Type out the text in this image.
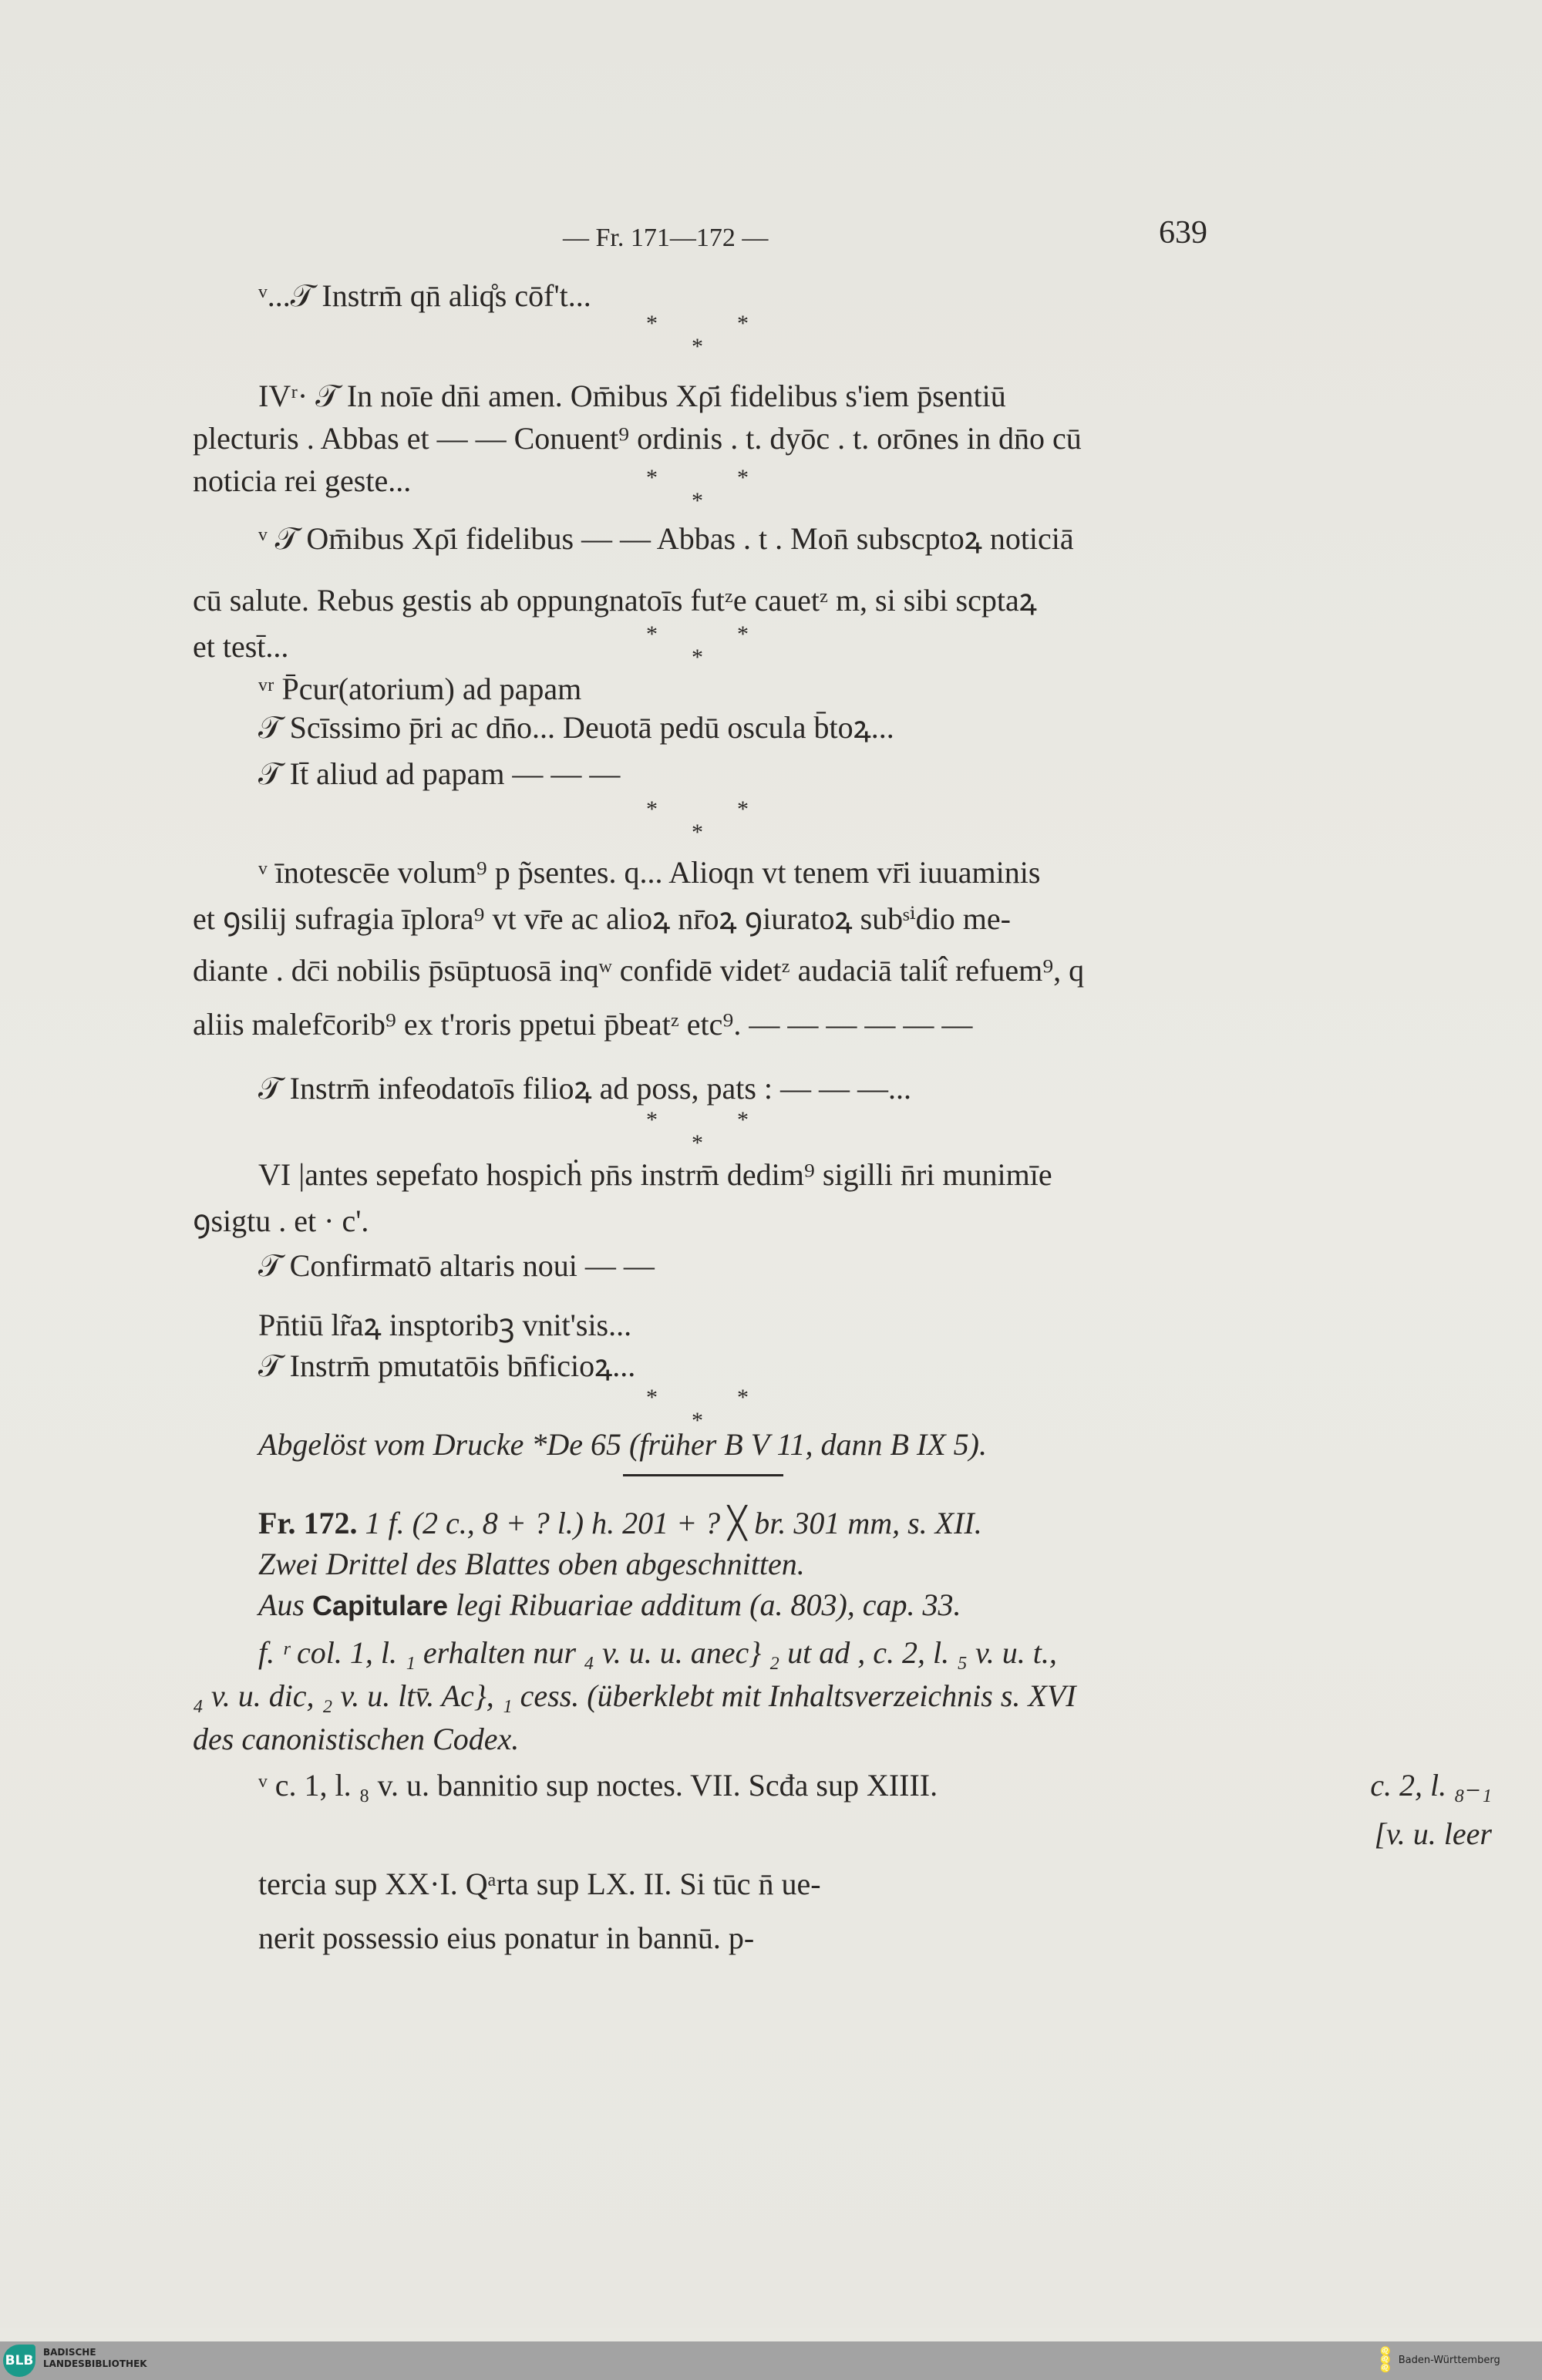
— Fr. 171—172 —	639
ᵛ...𝒯 Instrm̄ qn̄ aliq̊s cōf't...
*	*
*
IVʳ· 𝒯 In noīe dn̄i amen. Om̄ibus Xρ̄i fidelibus s'iem p̄sentiū
plecturis . Abbas et — — Conuent⁹ ordinis . t. dyōc . t. orōnes in dn̄o cū
noticia rei geste...	*	*
*
ᵛ 𝒯 Om̄ibus Xρ̄i fidelibus — — Abbas . t . Mon̄ subscptoꝝ noticiā
cū salute. Rebus gestis ab oppungnatoīs futᶻe cauetᶻ m, si sibi scptaꝝ
et test̄...	*	*
*
ᵛʳ P̄cur(atorium) ad papam
𝒯 Scīssimo p̄ri ac dn̄o... Deuotā pedū oscula b̄toꝝ...
𝒯 It̄ aliud ad papam — — —
*	*
*
ᵛ īnotescēe volum⁹ p p̃sentes. q... Alioqn vt tenem vr̄i iuuaminis
et ꝯsilij sufragia īplora⁹ vt vr̄e ac alioꝝ nr̄oꝝ ꝯiuratoꝝ subˢⁱdio me-
diante . dc̄i nobilis p̄sūptuosā inqʷ confidē videtᶻ audaciā talit̂ refuem⁹, q
aliis malefc̄orib⁹ ex t'roris ppetui p̄beatᶻ etc⁹. — — — — — —
𝒯 Instrm̄ infeodatoīs filioꝝ ad poss, pats : — — —...
*	*
*
VI |antes sepefato hospicḣ pn̄s instrm̄ dedim⁹ sigilli n̄ri munimīe
ꝯsigtu . et · c'.
𝒯 Confirmatō altaris noui — —
Pn̄tiū lr̃aꝝ insptoribꝫ vnit'sis...
𝒯 Instrm̄ pmutatōis bn̄ficioꝝ...
*	*
*
Abgelöst vom Drucke *De 65 (früher B V 11, dann B IX 5).
Fr. 172. 1 f. (2 c., 8 + ? l.) h. 201 + ? ╳ br. 301 mm, s. XII.
Zwei Drittel des Blattes oben abgeschnitten.
Aus Capitulare legi Ribuariae additum (a. 803), cap. 33.
f. ʳ col. 1, l. ₁ erhalten nur ₄ v. u. u. anec} ₂ ut ad , c. 2, l. ₅ v. u. t.,
₄ v. u. dic, ₂ v. u. ltv̄. Ac}, ₁ cess. (überklebt mit Inhaltsverzeichnis s. XVI
des canonistischen Codex.
ᵛ c. 1, l. ₈ v. u. bannitio sup noctes. VII. Scđa sup XIIII.	c. 2, l. ₈₋₁
[v. u. leer
tercia sup XX·I. Qᵃrta sup LX. II. Si tūc n̄ ue-
nerit possessio eius ponatur in bannū. p-
BLB
BADISCHE
LANDESBIBLIOTHEK
♌
♌
♌
Baden-Württemberg
